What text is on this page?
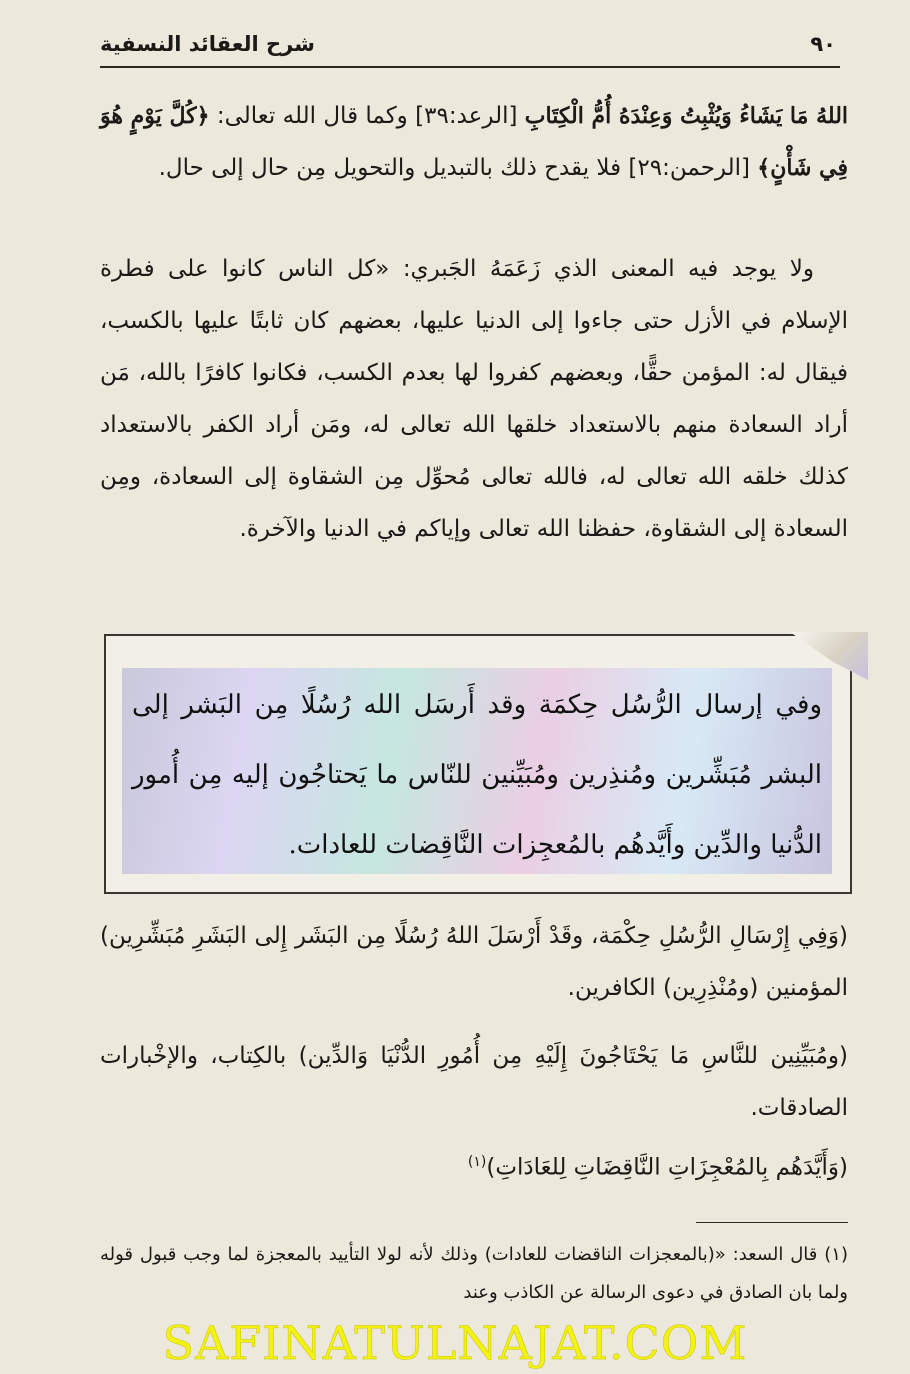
شرح العقائد النسفية	٩٠

اللهُ مَا يَشَاءُ وَيُثْبِتُ وَعِنْدَهُ أُمُّ الْكِتَابِ [الرعد:٣٩] وكما قال الله تعالى: ﴿كُلَّ يَوْمٍ هُوَ فِي شَأْنٍ﴾ [الرحمن:٢٩] فلا يقدح ذلك بالتبديل والتحويل مِن حال إلى حال.

ولا يوجد فيه المعنى الذي زَعَمَهُ الجَبري: «كل الناس كانوا على فطرة الإسلام في الأزل حتى جاءوا إلى الدنيا عليها، بعضهم كان ثابتًا عليها بالكسب، فيقال له: المؤمن حقًّا، وبعضهم كفروا لها بعدم الكسب، فكانوا كافرًا بالله، مَن أراد السعادة منهم بالاستعداد خلقها الله تعالى له، ومَن أراد الكفر بالاستعداد كذلك خلقه الله تعالى له، فالله تعالى مُحوِّل مِن الشقاوة إلى السعادة، ومِن السعادة إلى الشقاوة، حفظنا الله تعالى وإياكم في الدنيا والآخرة.

وفي إرسال الرُّسُل حِكمَة وقد أَرسَل الله رُسُلًا مِن البَشر إلى البشر مُبَشِّرين ومُنذِرين ومُبَيِّنين للنّاس ما يَحتاجُون إليه مِن أُمور الدُّنيا والدِّين وأَيَّدهُم بالمُعجِزات النَّاقِضات للعادات.

(وَفِي إِرْسَالِ الرُّسُلِ حِكْمَة، وقَدْ أَرْسَلَ اللهُ رُسُلًا مِن البَشَر إِلى البَشَرِ مُبَشِّرِين) المؤمنين (ومُنْذِرِين) الكافرين.

(ومُبَيِّنِين للنَّاسِ مَا يَحْتَاجُونَ إِلَيْهِ مِن أُمُورِ الدُّنْيَا وَالدِّين) بالكِتاب، والإخْبارات الصادقات.

(وَأَيَّدَهُم بِالمُعْجِزَاتِ النَّاقِضَاتِ لِلعَادَاتِ)$^{(١)}$

(١) قال السعد: «(بالمعجزات الناقضات للعادات) وذلك لأنه لولا التأييد بالمعجزة لما وجب قبول قوله ولما بان الصادق في دعوى الرسالة عن الكاذب وعند

SAFINATULNAJAT.COM
